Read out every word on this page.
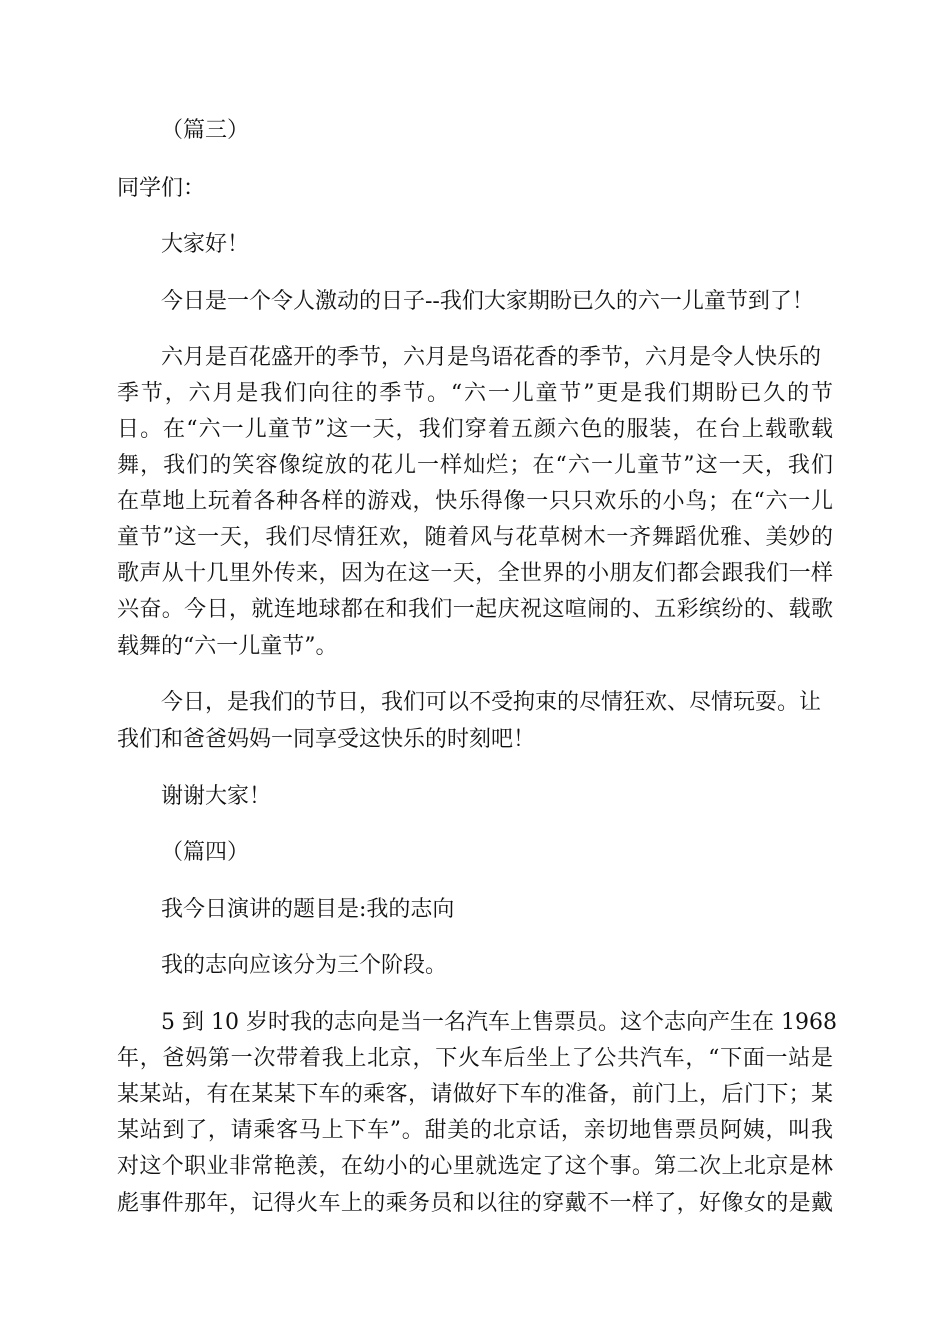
（篇三）

同学们：

大家好！

今日是一个令人激动的日子--我们大家期盼已久的六一儿童节到了！

六月是百花盛开的季节，六月是鸟语花香的季节，六月是令人快乐的

季节，六月是我们向往的季节。“六一儿童节”更是我们期盼已久的节

日。在“六一儿童节”这一天，我们穿着五颜六色的服装，在台上载歌载

舞，我们的笑容像绽放的花儿一样灿烂；在“六一儿童节”这一天，我们

在草地上玩着各种各样的游戏，快乐得像一只只欢乐的小鸟；在“六一儿

童节”这一天，我们尽情狂欢，随着风与花草树木一齐舞蹈优雅、美妙的

歌声从十几里外传来，因为在这一天，全世界的小朋友们都会跟我们一样

兴奋。今日，就连地球都在和我们一起庆祝这喧闹的、五彩缤纷的、载歌

载舞的“六一儿童节”。

今日，是我们的节日，我们可以不受拘束的尽情狂欢、尽情玩耍。让

我们和爸爸妈妈一同享受这快乐的时刻吧！

谢谢大家！

（篇四）

我今日演讲的题目是:我的志向

我的志向应该分为三个阶段。

5 到 10 岁时我的志向是当一名汽车上售票员。这个志向产生在 1968

年，爸妈第一次带着我上北京，下火车后坐上了公共汽车，“下面一站是

某某站，有在某某下车的乘客，请做好下车的准备，前门上，后门下；某

某站到了，请乘客马上下车”。甜美的北京话，亲切地售票员阿姨，叫我

对这个职业非常艳羡，在幼小的心里就选定了这个事。第二次上北京是林

彪事件那年，记得火车上的乘务员和以往的穿戴不一样了，好像女的是戴
